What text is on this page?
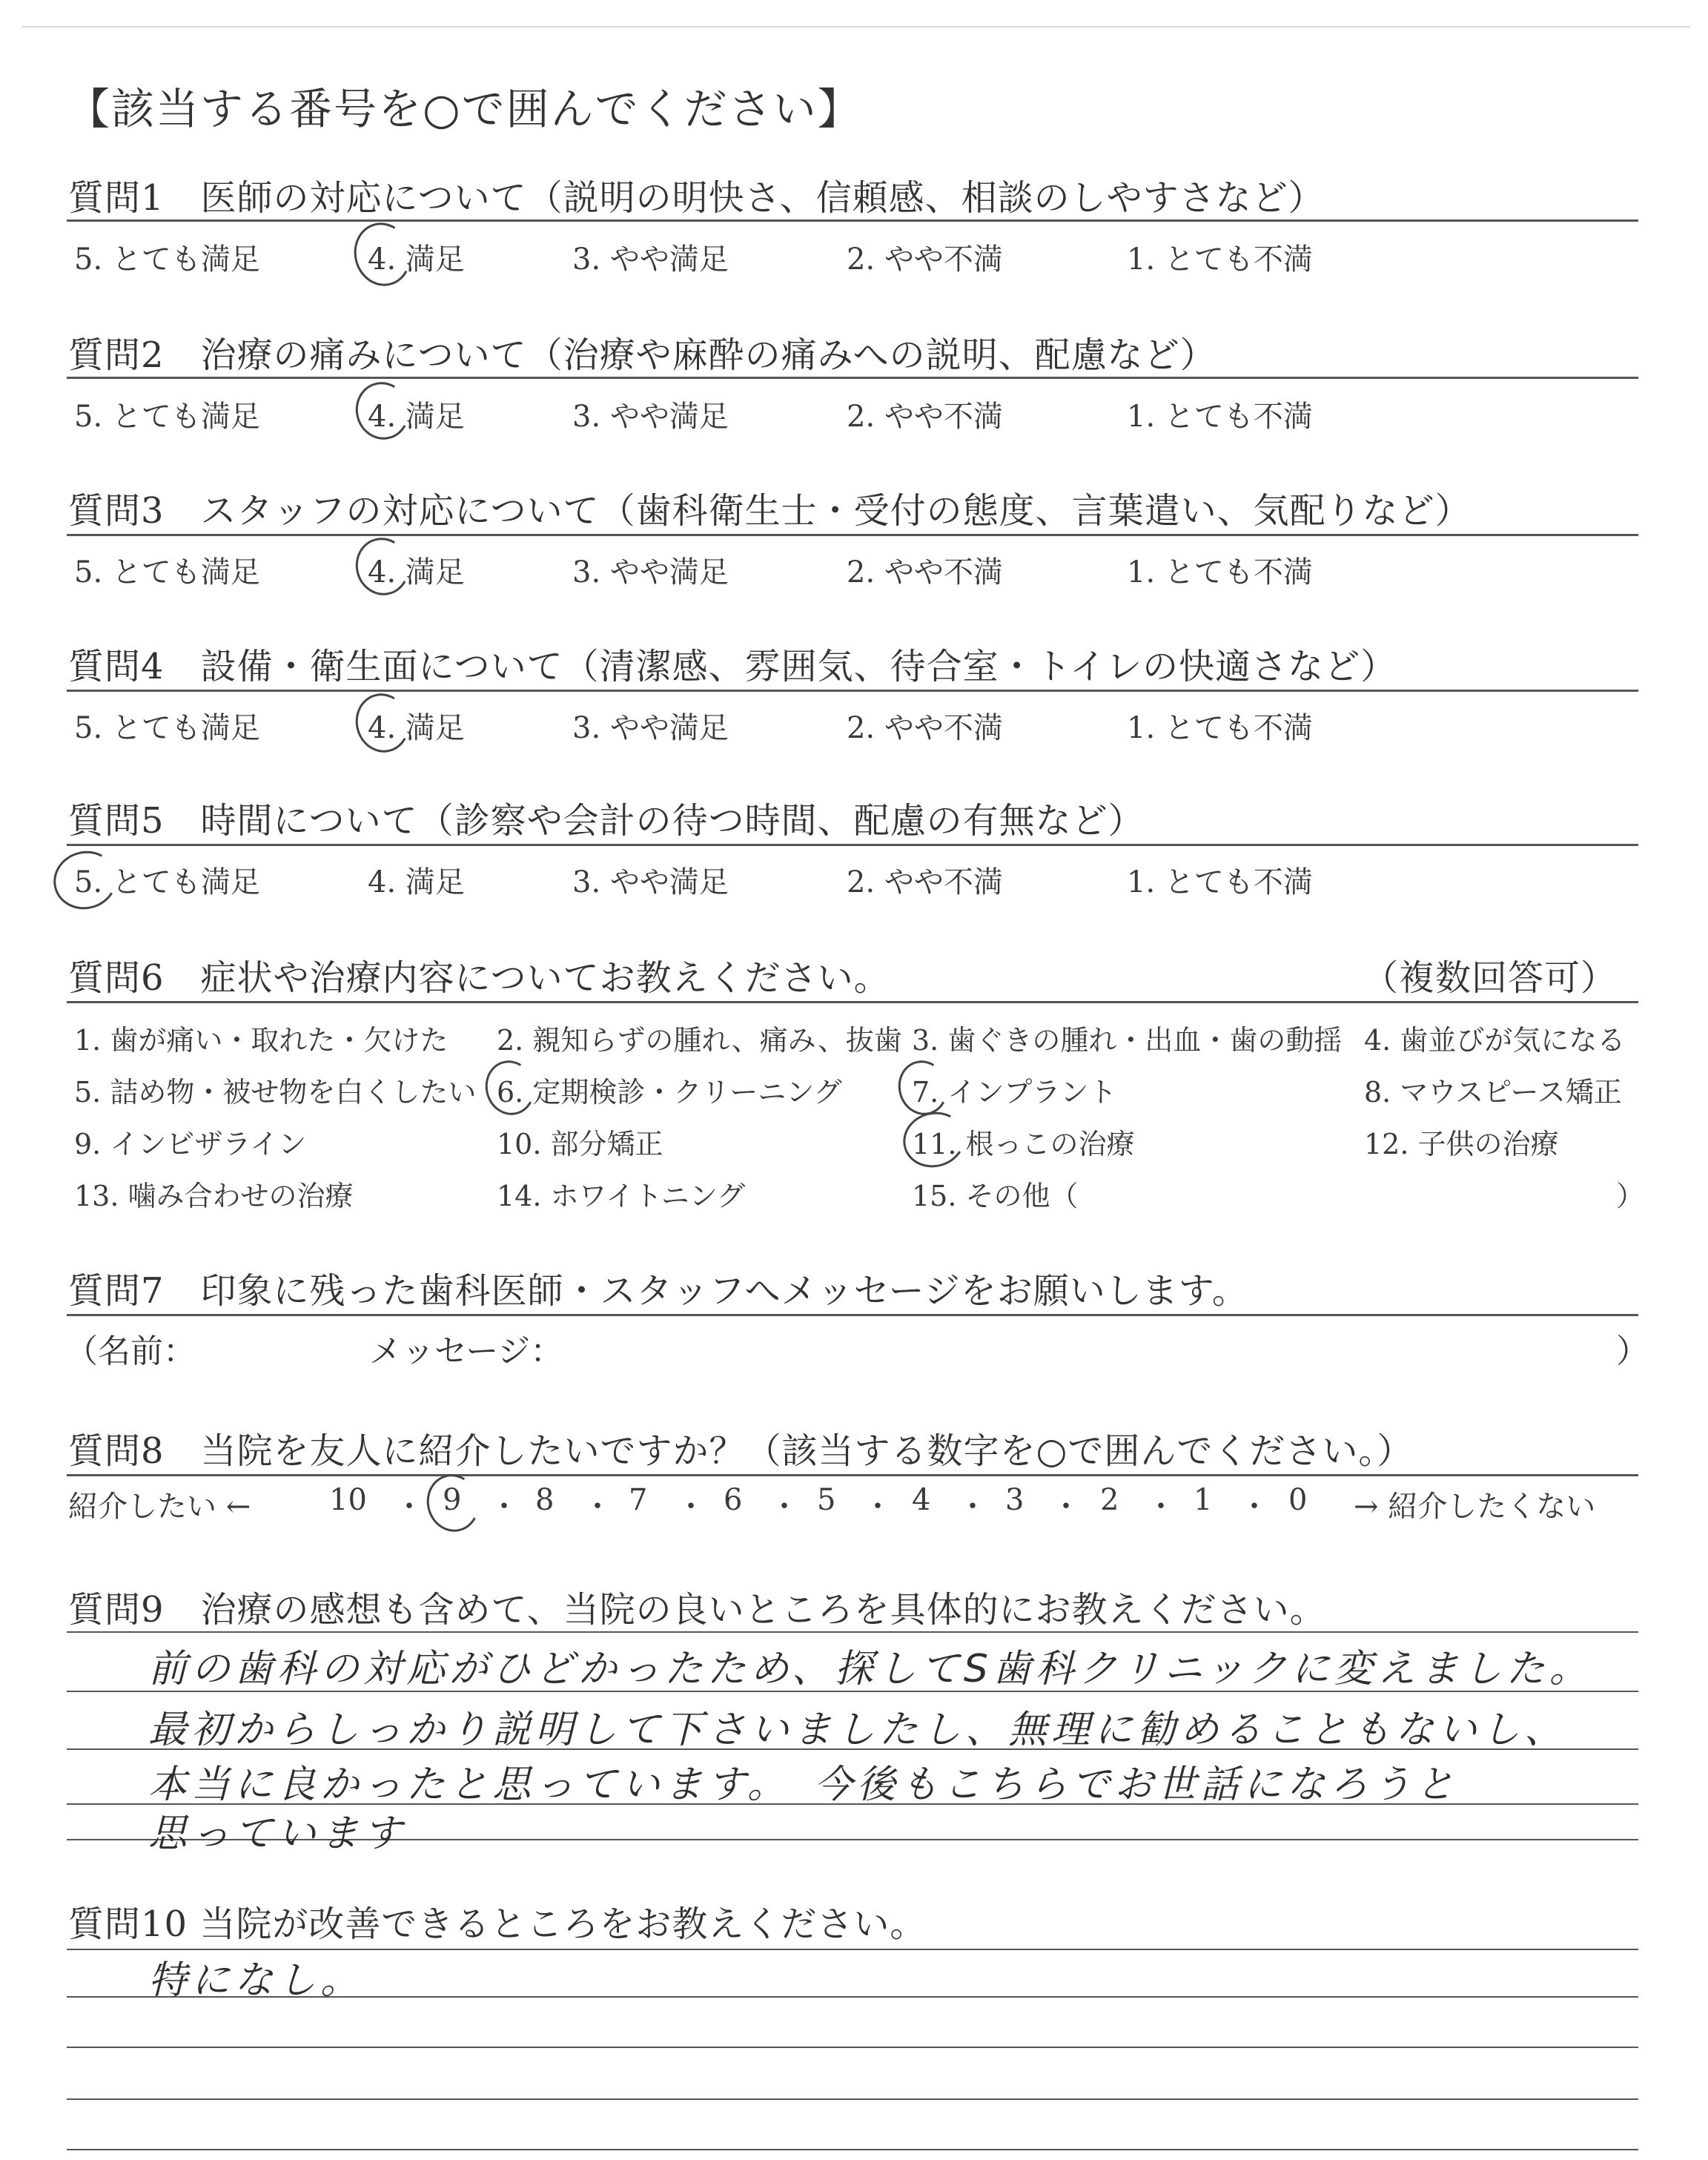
【該当する番号を○で囲んでください】
質問1　医師の対応について（説明の明快さ、信頼感、相談のしやすさなど）
5. とても満足	4. 満足	3. やや満足	2. やや不満	1. とても不満
質問2　治療の痛みについて（治療や麻酔の痛みへの説明、配慮など）
5. とても満足	4. 満足	3. やや満足	2. やや不満	1. とても不満
質問3　スタッフの対応について（歯科衛生士・受付の態度、言葉遣い、気配りなど）
5. とても満足	4. 満足	3. やや満足	2. やや不満	1. とても不満
質問4　設備・衛生面について（清潔感、雰囲気、待合室・トイレの快適さなど）
5. とても満足	4. 満足	3. やや満足	2. やや不満	1. とても不満
質問5　時間について（診察や会計の待つ時間、配慮の有無など）
5. とても満足	4. 満足	3. やや満足	2. やや不満	1. とても不満
質問6　症状や治療内容についてお教えください。	（複数回答可）
1. 歯が痛い・取れた・欠けた 2. 親知らずの腫れ、痛み、抜歯 3. 歯ぐきの腫れ・出血・歯の動揺 4. 歯並びが気になる
5. 詰め物・被せ物を白くしたい 6. 定期検診・クリーニング 7. インプラント	8. マウスピース矯正
9. インビザライン	10. 部分矯正	11. 根っこの治療	12. 子供の治療
13. 噛み合わせの治療	14. ホワイトニング	15. その他（	）
質問7　印象に残った歯科医師・スタッフへメッセージをお願いします。
（名前：	メッセージ：	）
質問8　当院を友人に紹介したいですか？（該当する数字を○で囲んでください。）
紹介したい ←	→ 紹介したくない
10 ・ 9 ・ 8 ・ 7 ・ 6 ・ 5 ・ 4 ・ 3 ・ 2 ・ 1 ・ 0
質問9　治療の感想も含めて、当院の良いところを具体的にお教えください。
前の歯科の対応がひどかったため、探してS歯科クリニックに変えました。
最初からしっかり説明して下さいましたし、無理に勧めることもないし、
本当に良かったと思っています。　今後もこちらでお世話になろうと
思っています
質問10 当院が改善できるところをお教えください。
特になし。
